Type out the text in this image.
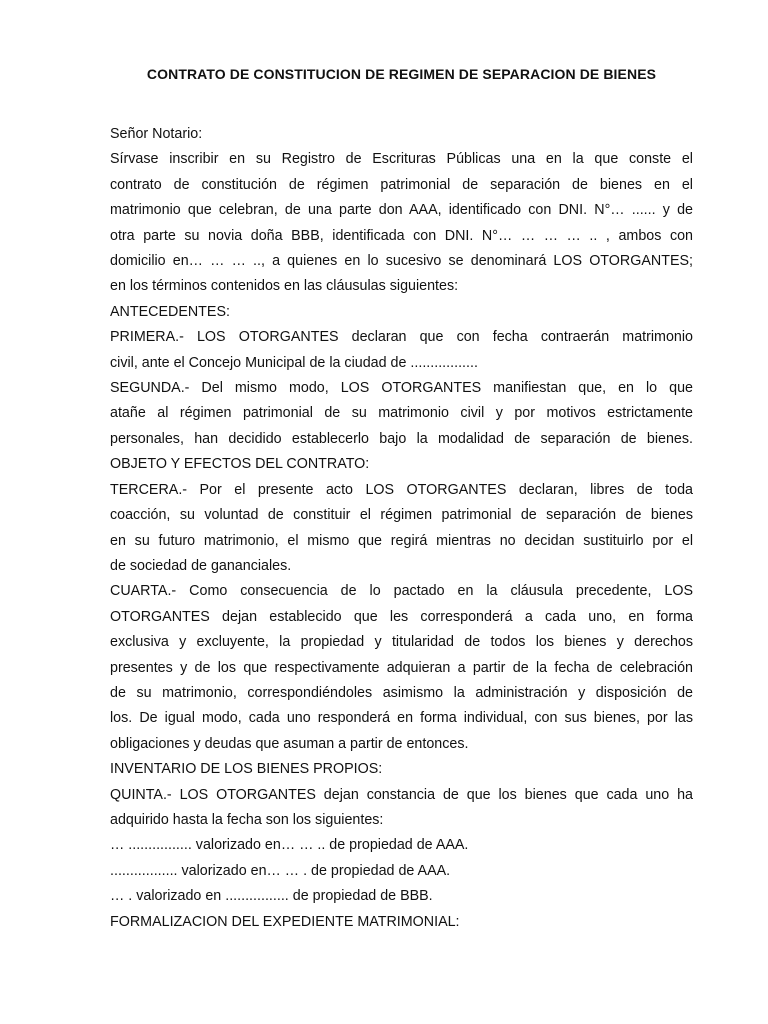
CONTRATO DE CONSTITUCION DE REGIMEN DE SEPARACION DE BIENES

Señor Notario:

Sírvase inscribir en su Registro de Escrituras Públicas una en la que conste el

contrato de constitución de régimen patrimonial de separación de bienes en el

matrimonio que celebran, de una parte don AAA, identificado con DNI. N°… ...... y de

otra parte su novia doña BBB, identificada con DNI. N°… … … … .. , ambos con

domicilio en… … … .., a quienes en lo sucesivo se denominará LOS OTORGANTES;

en los términos contenidos en las cláusulas siguientes:

ANTECEDENTES:

PRIMERA.- LOS OTORGANTES declaran que con fecha contraerán matrimonio

civil, ante el Concejo Municipal de la ciudad de .................

SEGUNDA.- Del mismo modo, LOS OTORGANTES manifiestan que, en lo que

atañe al régimen patrimonial de su matrimonio civil y por motivos estrictamente

personales, han decidido establecerlo bajo la modalidad de separación de bienes.

OBJETO Y EFECTOS DEL CONTRATO:

TERCERA.- Por el presente acto LOS OTORGANTES declaran, libres de toda

coacción, su voluntad de constituir el régimen patrimonial de separación de bienes

en su futuro matrimonio, el mismo que regirá mientras no decidan sustituirlo por el

de sociedad de gananciales.

CUARTA.- Como consecuencia de lo pactado en la cláusula precedente, LOS

OTORGANTES dejan establecido que les corresponderá a cada uno, en forma

exclusiva y excluyente, la propiedad y titularidad de todos los bienes y derechos

presentes y de los que respectivamente adquieran a partir de la fecha de celebración

de su matrimonio, correspondiéndoles asimismo la administración y disposición de

los. De igual modo, cada uno responderá en forma individual, con sus bienes, por las

obligaciones y deudas que asuman a partir de entonces.

INVENTARIO DE LOS BIENES PROPIOS:

QUINTA.- LOS OTORGANTES dejan constancia de que los bienes que cada uno ha

adquirido hasta la fecha son los siguientes:

… ................ valorizado en… … .. de propiedad de AAA.

................. valorizado en… … . de propiedad de AAA.

… . valorizado en ................ de propiedad de BBB.

FORMALIZACION DEL EXPEDIENTE MATRIMONIAL:
